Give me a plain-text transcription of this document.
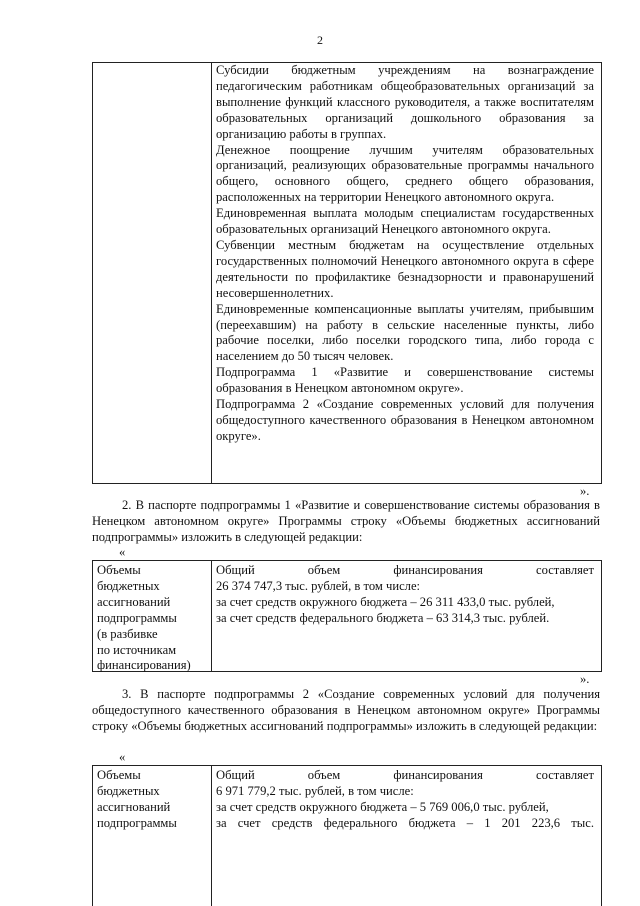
2

Субсидии бюджетным учреждениям на вознаграждение педагогическим работникам общеобразовательных организаций за выполнение функций классного руководителя, а также воспитателям образовательных организаций дошкольного образования за организацию работы в группах.

Денежное поощрение лучшим учителям образовательных организаций, реализующих образовательные программы начального общего, основного общего, среднего общего образования, расположенных на территории Ненецкого автономного округа.

Единовременная выплата молодым специалистам государственных образовательных организаций Ненецкого автономного округа.

Субвенции местным бюджетам на осуществление отдельных государственных полномочий Ненецкого автономного округа в сфере деятельности по профилактике безнадзорности и правонарушений несовершеннолетних.

Единовременные компенсационные выплаты учителям, прибывшим (переехавшим) на работу в сельские населенные пункты, либо рабочие поселки, либо поселки городского типа, либо города с населением до 50 тысяч человек.

Подпрограмма 1 «Развитие и совершенствование системы образования в Ненецком автономном округе».

Подпрограмма 2 «Создание современных условий для получения общедоступного качественного образования в Ненецком автономном округе».

».

2. В паспорте подпрограммы 1 «Развитие и совершенствование системы образования в Ненецком автономном округе» Программы строку «Объемы бюджетных ассигнований подпрограммы» изложить в следующей редакции:

«
Объемы
бюджетных
ассигнований
подпрограммы
(в разбивке
по источникам
финансирования)
Общий объем финансирования составляет
26 374 747,3 тыс. рублей, в том числе:
за счет средств окружного бюджета – 26 311 433,0 тыс. рублей,
за счет средств федерального бюджета – 63 314,3 тыс. рублей.
».

3. В паспорте подпрограммы 2 «Создание современных условий для получения общедоступного качественного образования в Ненецком автономном округе» Программы строку «Объемы бюджетных ассигнований подпрограммы» изложить в следующей редакции:

«
Объемы
бюджетных
ассигнований
подпрограммы
Общий объем финансирования составляет
6 971 779,2 тыс. рублей, в том числе:
за счет средств окружного бюджета – 5 769 006,0 тыс. рублей,
за счет средств федерального бюджета – 1 201 223,6 тыс.
